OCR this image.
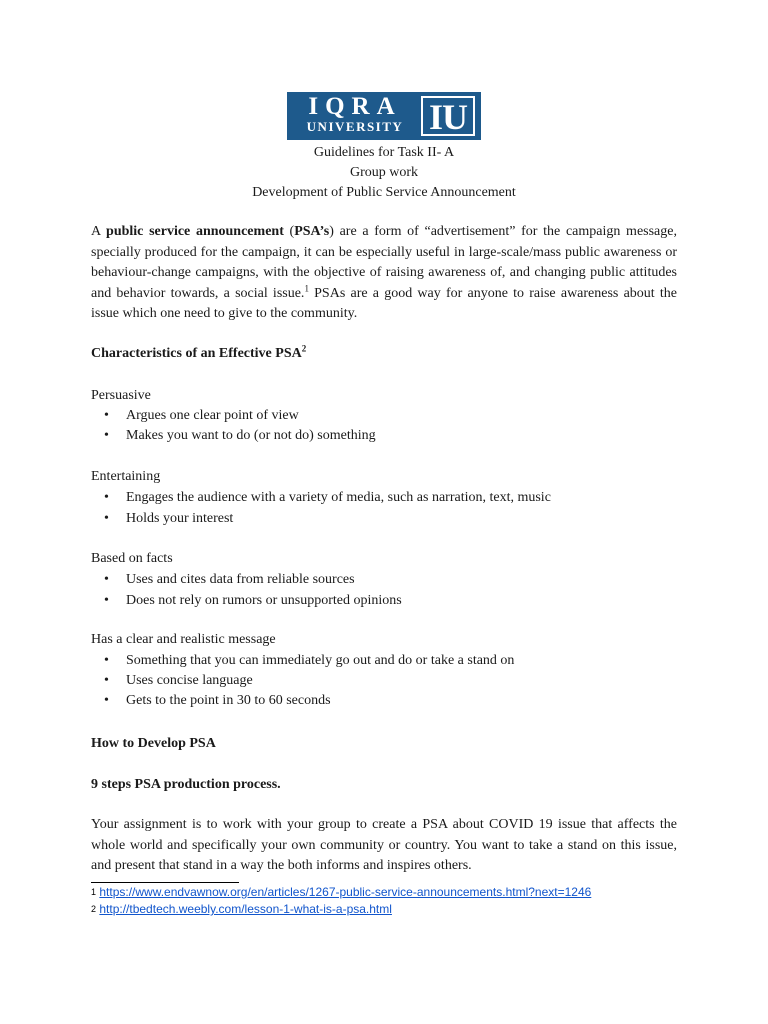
IQRA
UNIVERSITY IU
Guidelines for Task II- A
Group work
Development of Public Service Announcement
A public service announcement (PSA’s) are a form of “advertisement” for the campaign message, specially produced for the campaign, it can be especially useful in large-scale/mass public awareness or behaviour-change campaigns, with the objective of raising awareness of, and changing public attitudes and behavior towards, a social issue.$^1$ PSAs are a good way for anyone to raise awareness about the issue which one need to give to the community.
Characteristics of an Effective PSA$^2$
Persuasive
• Argues one clear point of view
• Makes you want to do (or not do) something
Entertaining
• Engages the audience with a variety of media, such as narration, text, music
• Holds your interest
Based on facts
• Uses and cites data from reliable sources
• Does not rely on rumors or unsupported opinions
Has a clear and realistic message
• Something that you can immediately go out and do or take a stand on
• Uses concise language
• Gets to the point in 30 to 60 seconds
How to Develop PSA
9 steps PSA production process.
Your assignment is to work with your group to create a PSA about COVID 19 issue that affects the whole world and specifically your own community or country. You want to take a stand on this issue, and present that stand in a way the both informs and inspires others.
$^1$ https://www.endvawnow.org/en/articles/1267-public-service-announcements.html?next=1246
$^2$ http://tbedtech.weebly.com/lesson-1-what-is-a-psa.html
